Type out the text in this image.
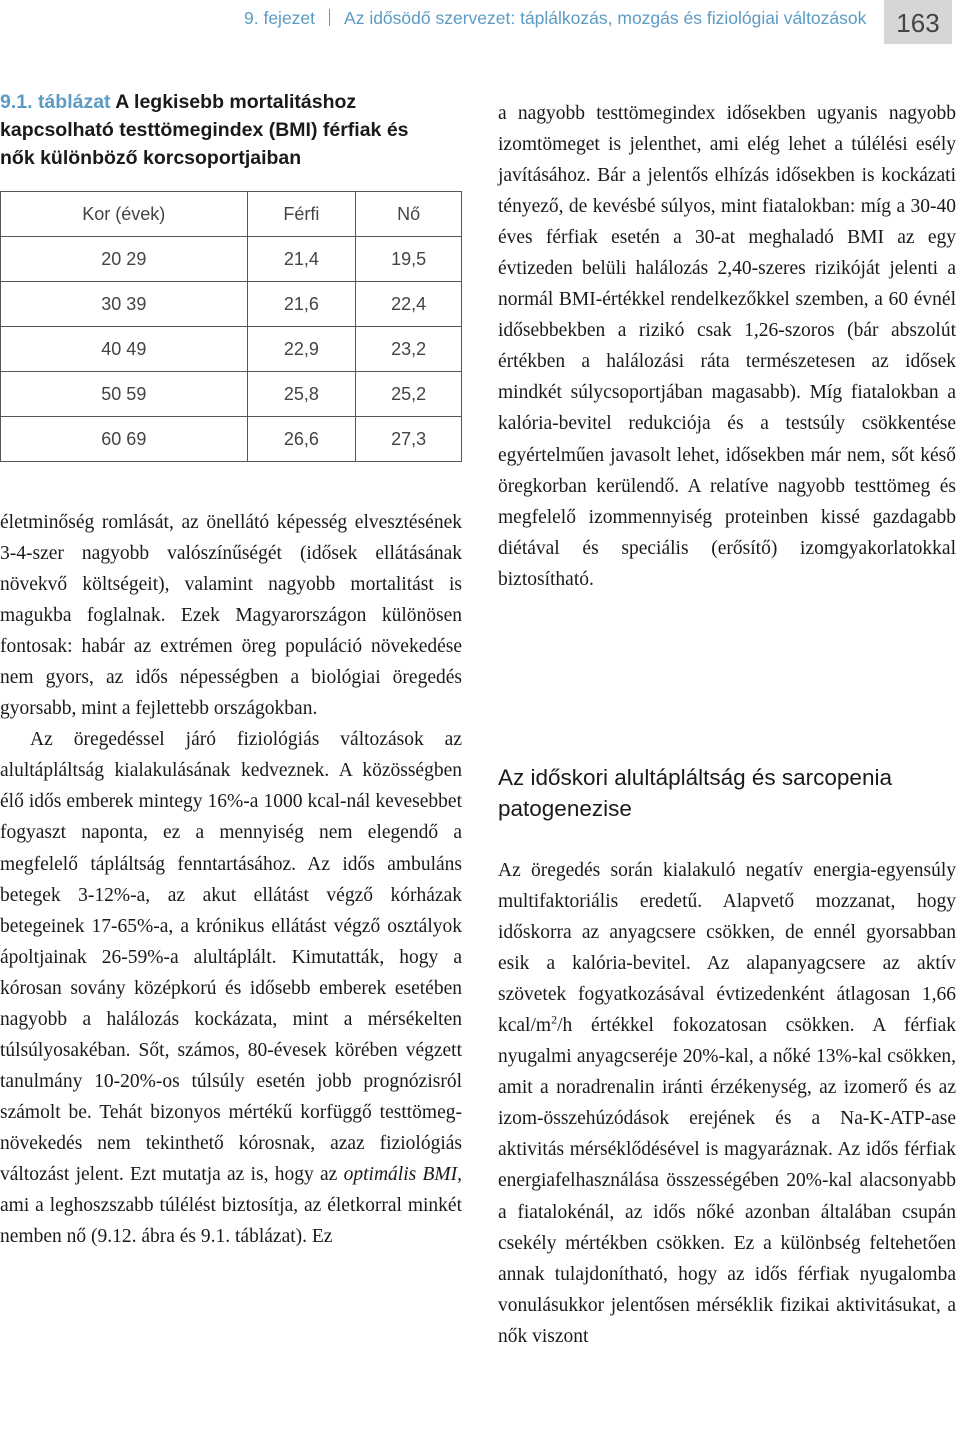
9. fejezet Az idősödő szervezet: táplálkozás, mozgás és fiziológiai változások	163
9.1. táblázat A legkisebb mortalitáshoz kapcsolható testtömegindex (BMI) férfiak és nők különböző korcsoportjaiban
Kor (évek)	Férfi	Nő
20 29	21,4	19,5
30 39	21,6	22,4
40 49	22,9	23,2
50 59	25,8	25,2
60 69	26,6	27,3

életminőség romlását, az önellátó képesség elvesztésének 3-4-szer nagyobb valószínűségét (idősek ellátásának növekvő költségeit), valamint nagyobb mortalitást is magukba foglalnak. Ezek Magyarországon különösen fontosak: habár az extrémen öreg populáció növekedése nem gyors, az idős népességben a biológiai öregedés gyorsabb, mint a fejlettebb országokban.

Az öregedéssel járó fiziológiás változások az alultápláltság kialakulásának kedveznek. A közösségben élő idős emberek mintegy 16%-a 1000 kcal-nál kevesebbet fogyaszt naponta, ez a mennyiség nem elegendő a megfelelő tápláltság fenntartásához. Az idős ambuláns betegek 3-12%-a, az akut ellátást végző kórházak betegeinek 17-65%-a, a krónikus ellátást végző osztályok ápoltjainak 26-59%-a alultáplált. Kimutatták, hogy a kórosan sovány középkorú és idősebb emberek esetében nagyobb a halálozás kockázata, mint a mérsékelten túlsúlyosakéban. Sőt, számos, 80-évesek körében végzett tanulmány 10-20%-os túlsúly esetén jobb prognózisról számolt be. Tehát bizonyos mértékű korfüggő testtömeg-növekedés nem tekinthető kórosnak, azaz fiziológiás változást jelent. Ezt mutatja az is, hogy az optimális BMI, ami a leghoszszabb túlélést biztosítja, az életkorral minkét nemben nő (9.12. ábra és 9.1. táblázat). Ez

a nagyobb testtömegindex idősekben ugyanis nagyobb izomtömeget is jelenthet, ami elég lehet a túlélési esély javításához. Bár a jelentős elhízás idősekben is kockázati tényező, de kevésbé súlyos, mint fiatalokban: míg a 30-40 éves férfiak esetén a 30-at meghaladó BMI az egy évtizeden belüli halálozás 2,40-szeres rizikóját jelenti a normál BMI-értékkel rendelkezőkkel szemben, a 60 évnél idősebbekben a rizikó csak 1,26-szoros (bár abszolút értékben a halálozási ráta természetesen az idősek mindkét súlycsoportjában magasabb). Míg fiatalokban a kalória-bevitel redukciója és a testsúly csökkentése egyértelműen javasolt lehet, idősekben már nem, sőt késő öregkorban kerülendő. A relatíve nagyobb testtömeg és megfelelő izommennyiség proteinben kissé gazdagabb diétával és speciális (erősítő) izomgyakorlatokkal biztosítható.

Az időskori alultápláltság és sarcopenia patogenezise

Az öregedés során kialakuló negatív energia-egyensúly multifaktoriális eredetű. Alapvető mozzanat, hogy időskorra az anyagcsere csökken, de ennél gyorsabban esik a kalória-bevitel. Az alapanyagcsere az aktív szövetek fogyatkozásával évtizedenként átlagosan 1,66 kcal/$m^2/h$ értékkel fokozatosan csökken. A férfiak nyugalmi anyagcseréje 20%-kal, a nőké 13%-kal csökken, amit a noradrenalin iránti érzékenység, az izomerő és az izom-összehúzódások erejének és a Na-K-ATP-ase aktivitás mérséklődésével is magyaráznak. Az idős férfiak energiafelhasználása összességében 20%-kal alacsonyabb a fiatalokénál, az idős nőké azonban általában csupán csekély mértékben csökken. Ez a különbség feltehetően annak tulajdonítható, hogy az idős férfiak nyugalomba vonulásukkor jelentősen mérséklik fizikai aktivitásukat, a nők viszont
